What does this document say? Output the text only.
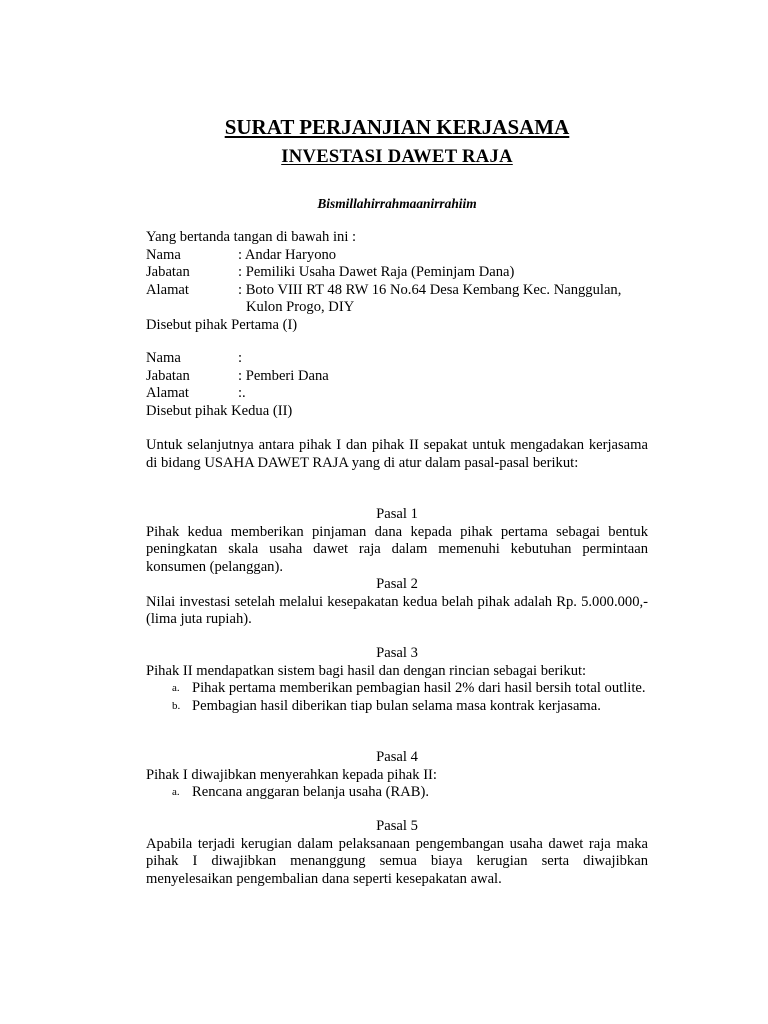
SURAT PERJANJIAN KERJASAMA
INVESTASI DAWET RAJA
Bismillahirrahmaanirrahiim
Yang bertanda tangan di bawah ini :
Nama	: Andar Haryono
Jabatan	: Pemiliki Usaha Dawet Raja (Peminjam Dana)
Alamat	: Boto VIII RT 48 RW 16 No.64 Desa Kembang Kec. Nanggulan,
Kulon Progo, DIY
Disebut pihak Pertama (I)
Nama	:
Jabatan	: Pemberi Dana
Alamat	:.
Disebut pihak Kedua (II)
Untuk selanjutnya antara pihak I dan pihak II sepakat untuk mengadakan kerjasama di bidang USAHA DAWET RAJA yang di atur dalam pasal-pasal berikut:
Pasal 1
Pihak kedua memberikan pinjaman dana kepada pihak pertama sebagai bentuk peningkatan skala usaha dawet raja dalam memenuhi kebutuhan permintaan konsumen (pelanggan).
Pasal 2
Nilai investasi setelah melalui kesepakatan kedua belah pihak adalah Rp. 5.000.000,- (lima juta rupiah).
Pasal 3
Pihak II mendapatkan sistem bagi hasil dan dengan rincian sebagai berikut:
a. Pihak pertama memberikan pembagian hasil 2% dari hasil bersih total outlite.
b. Pembagian hasil diberikan tiap bulan selama masa kontrak kerjasama.
Pasal 4
Pihak I diwajibkan menyerahkan kepada pihak II:
a. Rencana anggaran belanja usaha (RAB).
Pasal 5
Apabila terjadi kerugian dalam pelaksanaan pengembangan usaha dawet raja maka pihak I diwajibkan menanggung semua biaya kerugian serta diwajibkan menyelesaikan pengembalian dana seperti kesepakatan awal.
